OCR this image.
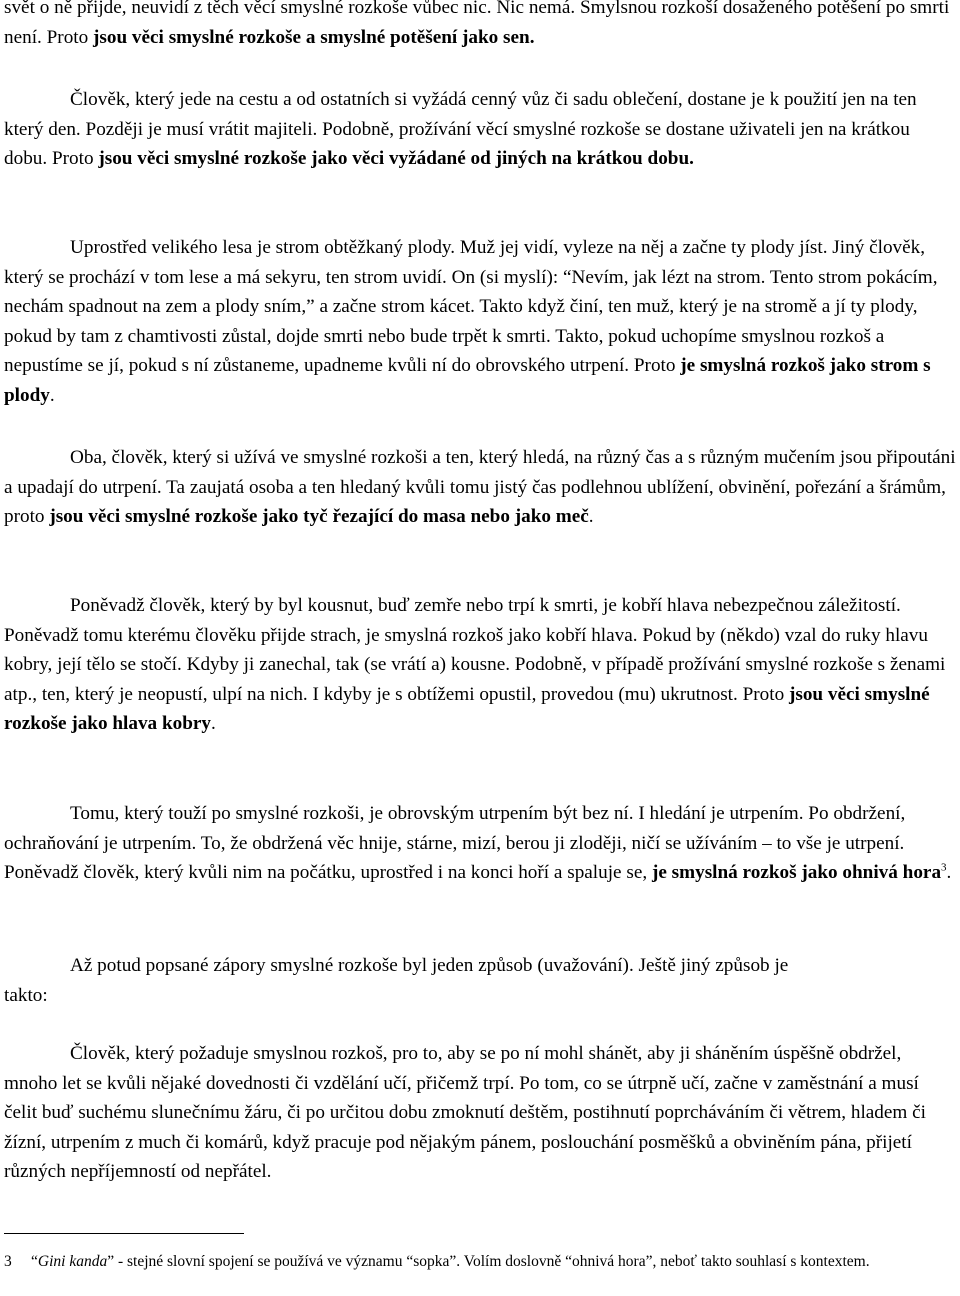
svět o ně přijde, neuvidí z těch věcí smyslné rozkoše vůbec nic. Nic nemá. Smylsnou rozkoší dosaženého potěšení po smrti není. Proto jsou věci smyslné rozkoše a smyslné potěšení jako sen.

Člověk, který jede na cestu a od ostatních si vyžádá cenný vůz či sadu oblečení, dostane je k použití jen na ten který den. Později je musí vrátit majiteli. Podobně, prožívání věcí smyslné rozkoše se dostane uživateli jen na krátkou dobu. Proto jsou věci smyslné rozkoše jako věci vyžádané od jiných na krátkou dobu.

Uprostřed velikého lesa je strom obtěžkaný plody. Muž jej vidí, vyleze na něj a začne ty plody jíst. Jiný člověk, který se prochází v tom lese a má sekyru, ten strom uvidí. On (si myslí): “Nevím, jak lézt na strom. Tento strom pokácím, nechám spadnout na zem a plody sním,” a začne strom kácet. Takto když činí, ten muž, který je na stromě a jí ty plody, pokud by tam z chamtivosti zůstal, dojde smrti nebo bude trpět k smrti. Takto, pokud uchopíme smyslnou rozkoš a nepustíme se jí, pokud s ní zůstaneme, upadneme kvůli ní do obrovského utrpení. Proto je smyslná rozkoš jako strom s plody.

Oba, člověk, který si užívá ve smyslné rozkoši a ten, který hledá, na různý čas a s různým mučením jsou připoutáni a upadají do utrpení. Ta zaujatá osoba a ten hledaný kvůli tomu jistý čas podlehnou ublížení, obvinění, pořezání a šrámům, proto jsou věci smyslné rozkoše jako tyč řezající do masa nebo jako meč.

Poněvadž člověk, který by byl kousnut, buď zemře nebo trpí k smrti, je kobří hlava nebezpečnou záležitostí. Poněvadž tomu kterému člověku přijde strach, je smyslná rozkoš jako kobří hlava. Pokud by (někdo) vzal do ruky hlavu kobry, její tělo se stočí. Kdyby ji zanechal, tak (se vrátí a) kousne. Podobně, v případě prožívání smyslné rozkoše s ženami atp., ten, který je neopustí, ulpí na nich. I kdyby je s obtížemi opustil, provedou (mu) ukrutnost. Proto jsou věci smyslné rozkoše jako hlava kobry.

Tomu, který touží po smyslné rozkoši, je obrovským utrpením být bez ní. I hledání je utrpením. Po obdržení, ochraňování je utrpením. To, že obdržená věc hnije, stárne, mizí, berou ji zloději, ničí se užíváním – to vše je utrpení. Poněvadž člověk, který kvůli nim na počátku, uprostřed i na konci hoří a spaluje se, je smyslná rozkoš jako ohnivá hora$^3$.

Až potud popsané zápory smyslné rozkoše byl jeden způsob (uvažování). Ještě jiný způsob je

takto:

Člověk, který požaduje smyslnou rozkoš, pro to, aby se po ní mohl shánět, aby ji sháněním úspěšně obdržel, mnoho let se kvůli nějaké dovednosti či vzdělání učí, přičemž trpí. Po tom, co se útrpně učí, začne v zaměstnání a musí čelit buď suchému slunečnímu žáru, či po určitou dobu zmoknutí deštěm, postihnutí poprcháváním či větrem, hladem či žízní, utrpením z much či komárů, když pracuje pod nějakým pánem, poslouchání posměšků a obviněním pána, přijetí různých nepříjemností od nepřátel.

3 “Gini kanda” - stejné slovní spojení se používá ve významu “sopka”. Volím doslovně “ohnivá hora”, neboť takto souhlasí s kontextem.
